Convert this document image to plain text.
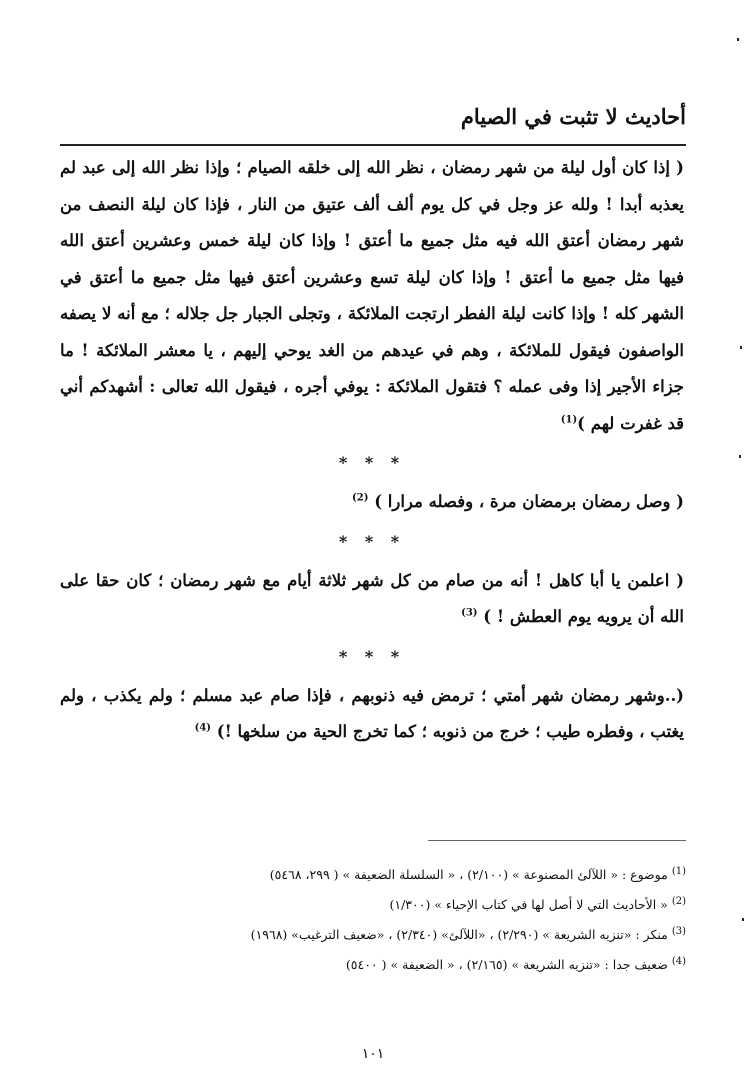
أحاديث لا تثبت في الصيام

( إذا كان أول ليلة من شهر رمضان ، نظر الله إلى خلقه الصيام ؛ وإذا نظر الله إلى عبد لم يعذبه أبدا ! ولله عز وجل في كل يوم ألف ألف عتيق من النار ، فإذا كان ليلة النصف من شهر رمضان أعتق الله فيه مثل جميع ما أعتق ! وإذا كان ليلة خمس وعشرين أعتق الله فيها مثل جميع ما أعتق ! وإذا كان ليلة تسع وعشرين أعتق فيها مثل جميع ما أعتق في الشهر كله ! وإذا كانت ليلة الفطر ارتجت الملائكة ، وتجلى الجبار جل جلاله ؛ مع أنه لا يصفه الواصفون فيقول للملائكة ، وهم في عيدهم من الغد يوحي إليهم ، يا معشر الملائكة ! ما جزاء الأجير إذا وفى عمله ؟ فتقول الملائكة : يوفي أجره ، فيقول الله تعالى : أشهدكم أني قد غفرت لهم )$^{(1)}$

* * *

( وصل رمضان برمضان مرة ، وفصله مرارا ) $^{(2)}$

* * *

( اعلمن يا أبا كاهل ! أنه من صام من كل شهر ثلاثة أيام مع شهر رمضان ؛ كان حقا على الله أن يرويه يوم العطش ! ) $^{(3)}$

* * *

(..وشهر رمضان شهر أمتي ؛ ترمض فيه ذنوبهم ، فإذا صام عبد مسلم ؛ ولم يكذب ، ولم يغتب ، وفطره طيب ؛ خرج من ذنوبه ؛ كما تخرج الحية من سلخها !) $^{(4)}$

$^{(1)}$ موضوع : « اللآلئ المصنوعة » (٢/١٠٠) ، « السلسلة الضعيفة » ( ٢٩٩، ٥٤٦٨)

$^{(2)}$ « الأحاديث التي لا أصل لها في كتاب الإحياء » (١/٣٠٠)

$^{(3)}$ منكر : «تنزيه الشريعة » (٢/٢٩٠) ، «اللآلئ» (٢/٣٤٠) ، «ضعيف الترغيب» (١٩٦٨)

$^{(4)}$ ضعيف جدا : «تنزيه الشريعة » (٢/١٦٥) ، « الضعيفة » ( ٥٤٠٠)

١٠١
